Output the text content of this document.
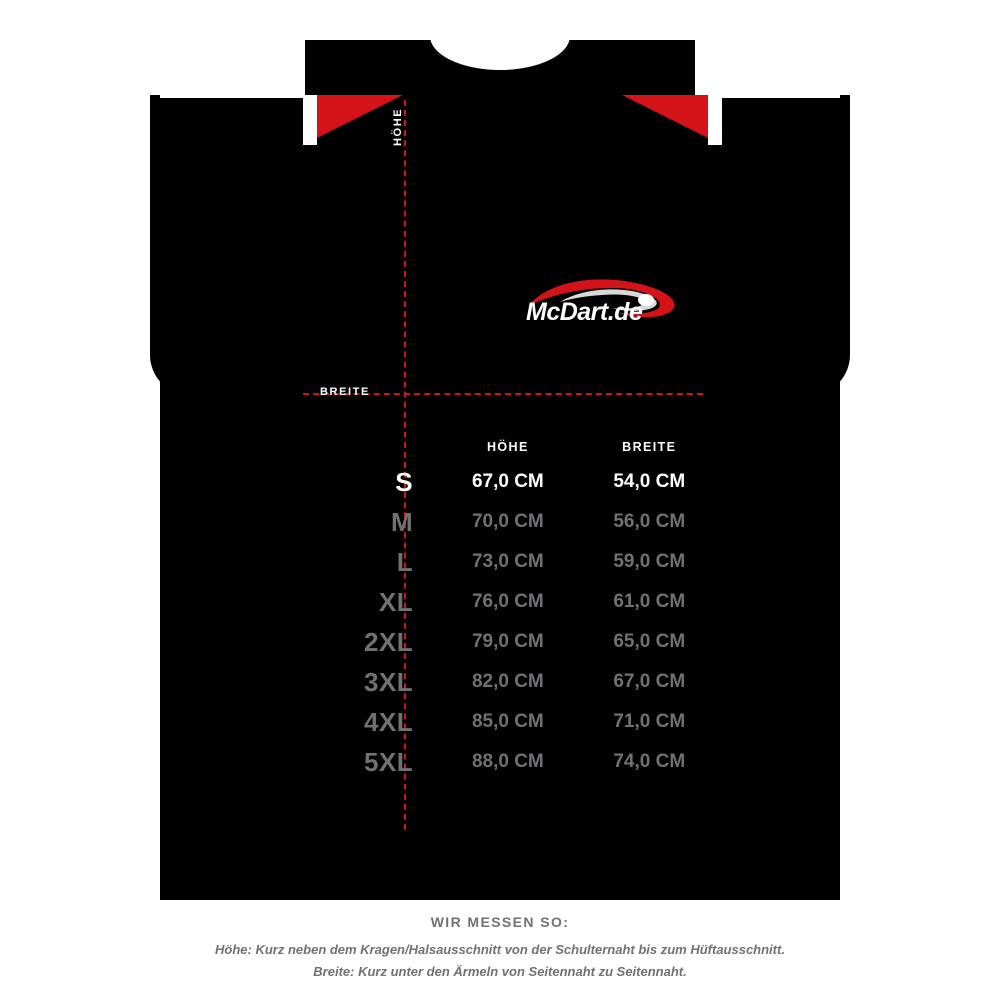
HÖHE
BREITE
McDart.de
HÖHE	BREITE
S	67,0 CM	54,0 CM
M	70,0 CM	56,0 CM
L	73,0 CM	59,0 CM
XL	76,0 CM	61,0 CM
2XL	79,0 CM	65,0 CM
3XL	82,0 CM	67,0 CM
4XL	85,0 CM	71,0 CM
5XL	88,0 CM	74,0 CM
WIR MESSEN SO:
Höhe: Kurz neben dem Kragen/Halsausschnitt von der Schulternaht bis zum Hüftausschnitt.
Breite: Kurz unter den Ärmeln von Seitennaht zu Seitennaht.
